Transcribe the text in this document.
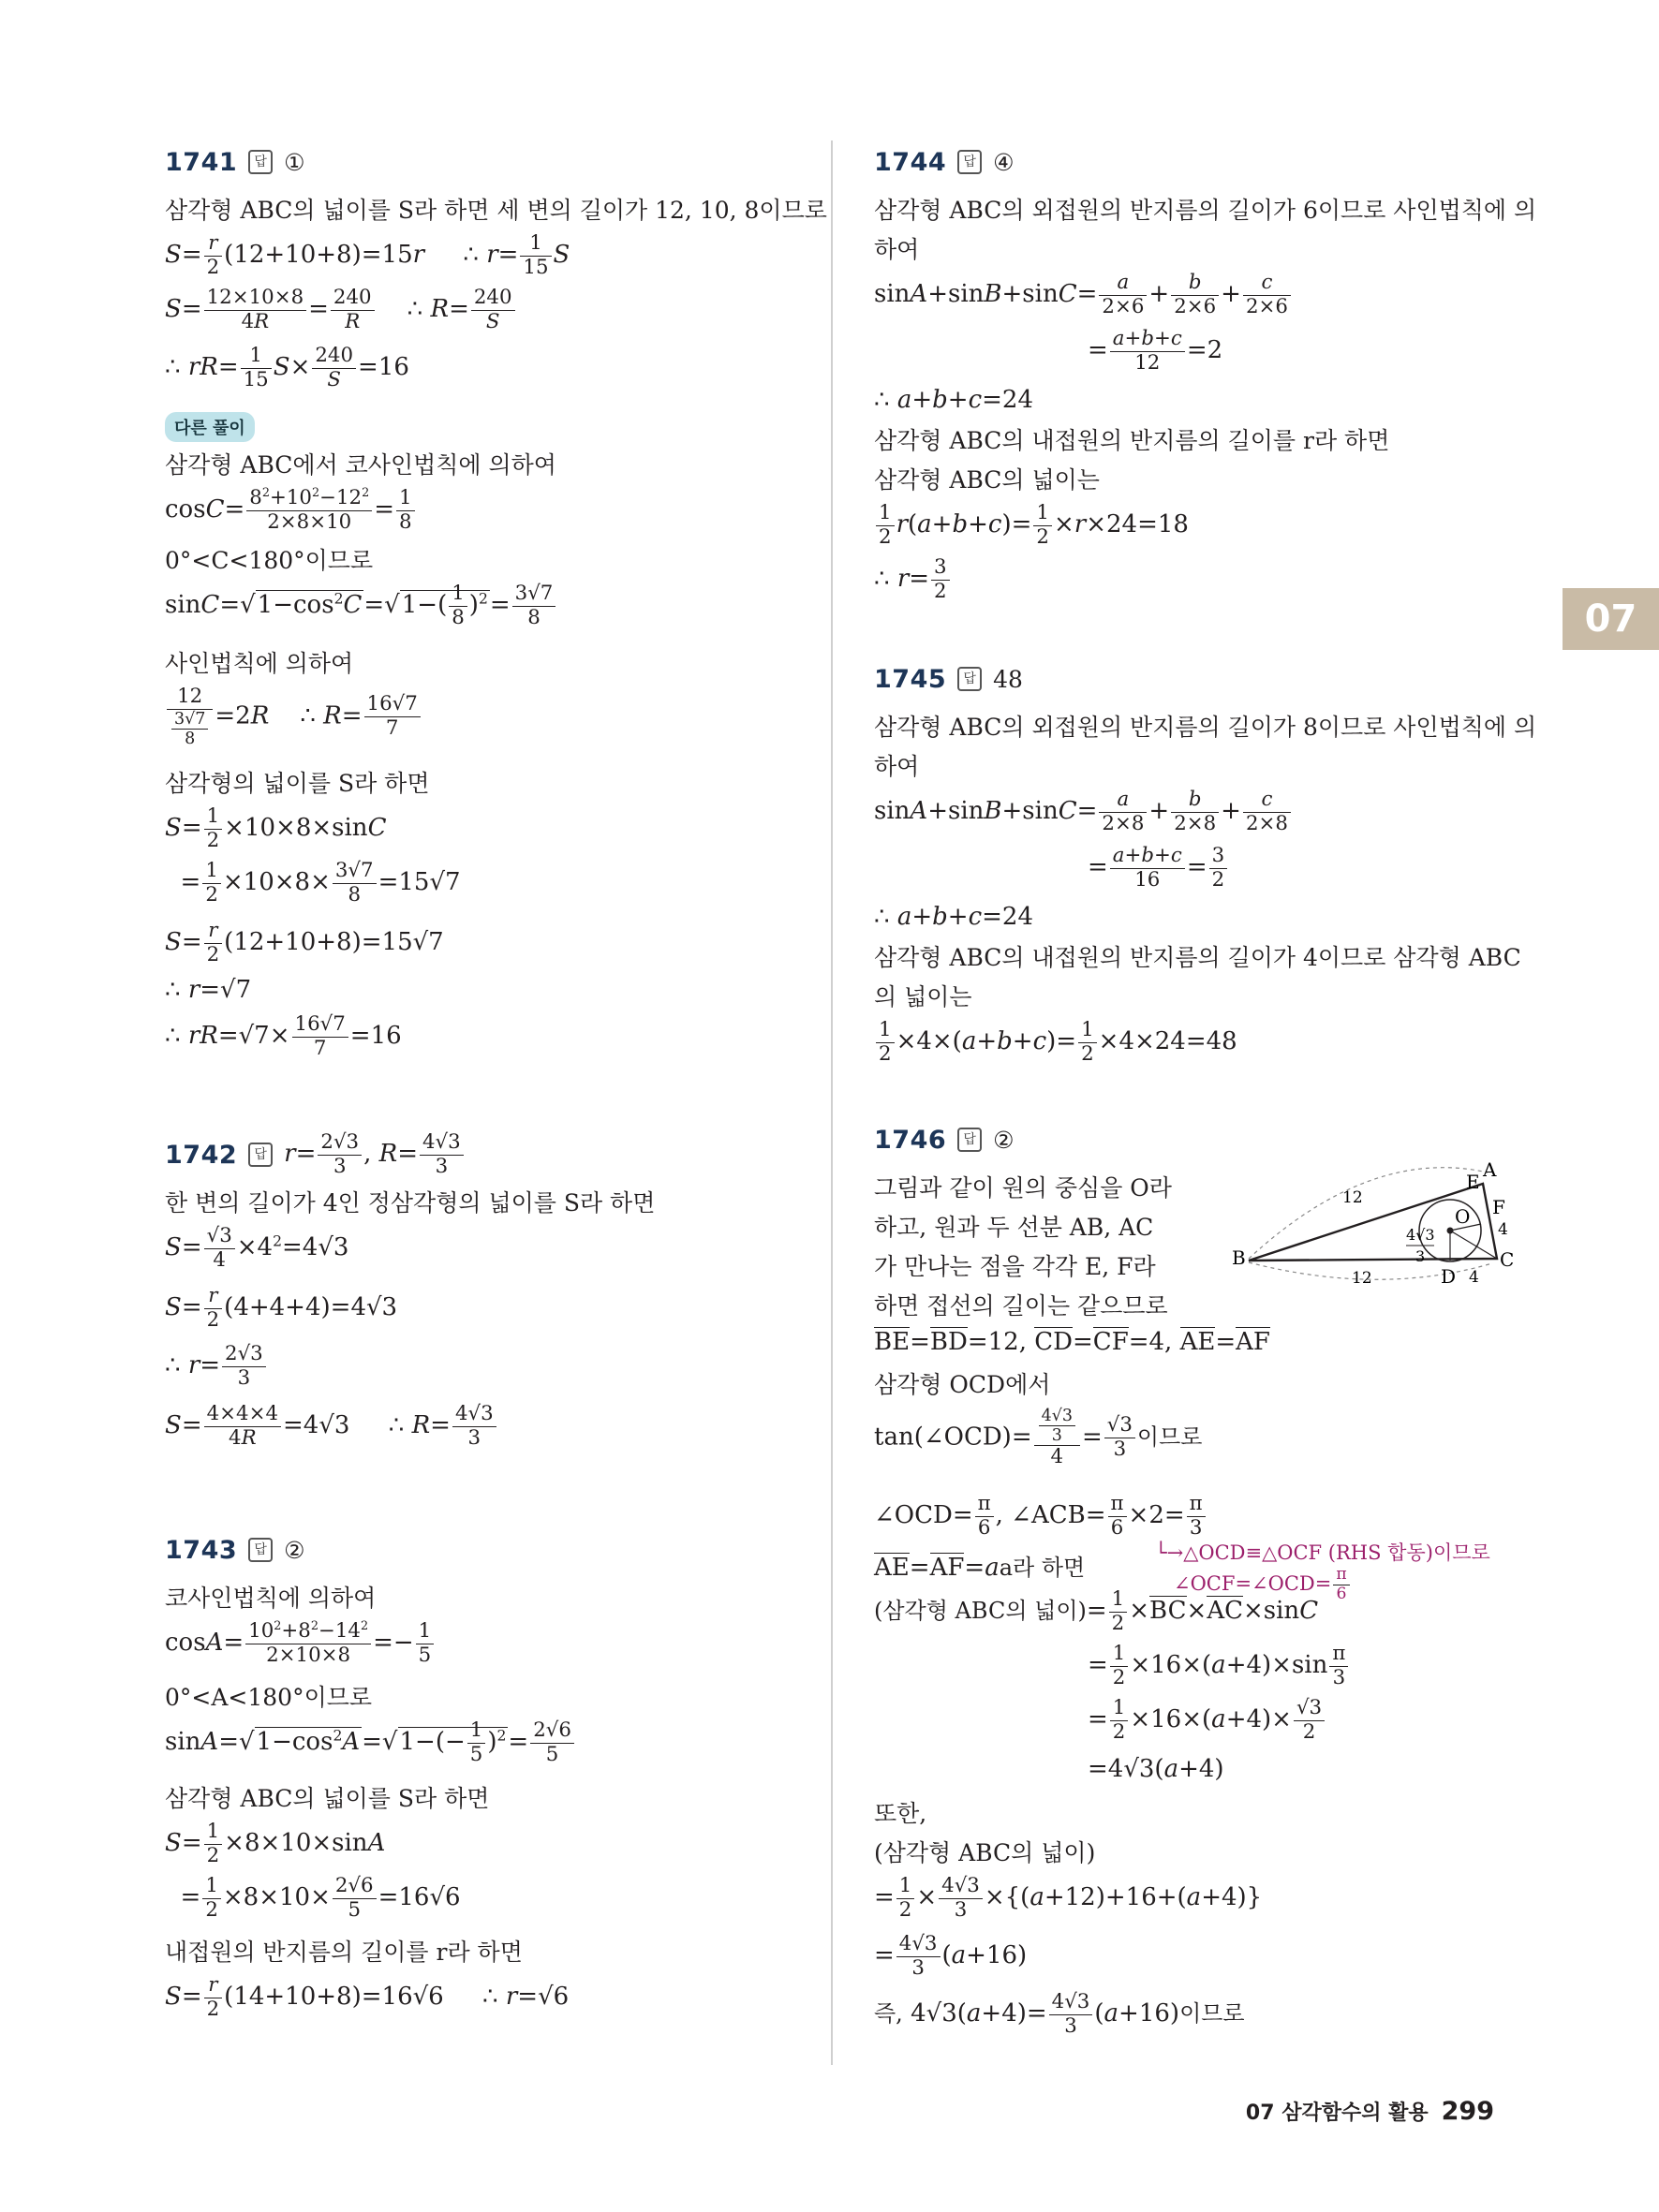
07
1741	답 ①
삼각형 ABC의 넓이를 S라 하면 세 변의 길이가 12, 10, 8이므로
$S= \frac{r}{2} (12+10+8)=15r$     ∴ $r= \frac{1}{15}$ S
$S= \frac{12\times 10\times 8}{4R} = \frac{240}{R}$ ∴ $R= \frac{240}{S}$
∴ $rR= \frac{1}{15} S\times \frac{240}{S} =16$
다른 풀이
삼각형 ABC에서 코사인법칙에 의하여
$\cos C= \frac{8^2+10^2-12^2}{2\times 8\times 10} = \frac{1}{8}$
0°<C<180°이므로
$\sin C=√1-\cos^2C=√1-( \frac{1}{8} )^2= \frac{3√7}{8}$
사인법칙에 의하여
$\frac{12}{\frac{3√7}{8}} =2R$    ∴ $R= \frac{16√7}{7}$
삼각형의 넓이를 S라 하면
$S= \frac{1}{2} \times 10\times 8\times\sin C$
= $\frac{1}{2} \times 10\times 8\times \frac{3√7}{8} =15√7$
$S= \frac{r}{2} (12+10+8)=15√7$
∴ r=√7
∴ $rR=√7\times \frac{16√7}{7} =16$
1742	답 $r= \frac{2√3}{3}$ , $R= \frac{4√3}{3}$
한 변의 길이가 4인 정삼각형의 넓이를 S라 하면
$S= \frac{√3}{4} \times 4^2=4√3$
$S= \frac{r}{2} (4+4+4)=4√3$
∴ $r= \frac{2√3}{3}$
$S= \frac{4\times 4\times 4}{4R} =4√3$     ∴ $R= \frac{4√3}{3}$
1743	답 ②
코사인법칙에 의하여
$\cos A= \frac{10^2+8^2-14^2}{2\times 10\times 8} =- \frac{1}{5}$
0°<A<180°이므로
$\sin A=√1-\cos^2A=√1-(- \frac{1}{5} )^2= \frac{2√6}{5}$
삼각형 ABC의 넓이를 S라 하면
$S= \frac{1}{2} \times 8\times 10\times\sin A$
= $\frac{1}{2} \times 8\times 10\times \frac{2√6}{5} =16√6$
내접원의 반지름의 길이를 r라 하면
$S= \frac{r}{2} (14+10+8)=16√6$     ∴ r=√6
1744	답 ④
삼각형 ABC의 외접원의 반지름의 길이가 6이므로 사인법칙에 의
하여
$\sin A+\sin B+\sin C= \frac{a}{2\times 6} + \frac{b}{2\times 6} + \frac{c}{2\times 6}$
= $\frac{a+b+c}{12} =2$
∴ a+b+c=24
삼각형 ABC의 내접원의 반지름의 길이를 r라 하면
삼각형 ABC의 넓이는
$\frac{1}{2} r(a+b+c)= \frac{1}{2} \times r\times 24=18$
∴ $r= \frac{3}{2}$
1745	답 48
삼각형 ABC의 외접원의 반지름의 길이가 8이므로 사인법칙에 의
하여
$\sin A+\sin B+\sin C= \frac{a}{2\times 8} + \frac{b}{2\times 8} + \frac{c}{2\times 8}$
= $\frac{a+b+c}{16} = \frac{3}{2}$
∴ a+b+c=24
삼각형 ABC의 내접원의 반지름의 길이가 4이므로 삼각형 ABC
의 넓이는
$\frac{1}{2} \times 4\times(a+b+c)= \frac{1}{2} \times 4\times 24=48$
1746	답 ②
그림과 같이 원의 중심을 O라
하고, 원과 두 선분 AB, AC
가 만나는 점을 각각 E, F라
하면 접선의 길이는 같으므로
E
A
F
O
B	C
D
12
12
4
4
4√3
3
BE=BD=12, CD=CF=4, AE=AF
삼각형 OCD에서
tan(∠OCD)= $\frac{\frac{4√3}{3}}{4} = \frac{√3}{3}$ 이므로
∠OCD= $\frac{\pi}{6}$ , ∠ACB= $\frac{\pi}{6} \times 2= \frac{\pi}{3}$
AE=AF=aa라 하면
└→△OCD≡△OCF (RHS 합동)이므로
∠OCF=∠OCD= $\frac{\pi}{6}$
(삼각형 ABC의 넓이)= $\frac{1}{2} \times BC\times AC\times\sin C$
= $\frac{1}{2} \times 16\times(a+4)\times\sin \frac{\pi}{3}$
= $\frac{1}{2} \times 16\times(a+4)\times \frac{√3}{2}$
=4√3(a+4)
또한,
(삼각형 ABC의 넓이)
= $\frac{1}{2} \times \frac{4√3}{3} \times\{(a+12)+16+(a+4)\}$
= $\frac{4√3}{3} (a+16)$
즉, $4√3(a+4)= \frac{4√3}{3} (a+16)$이므로
07 삼각함수의 활용 299
